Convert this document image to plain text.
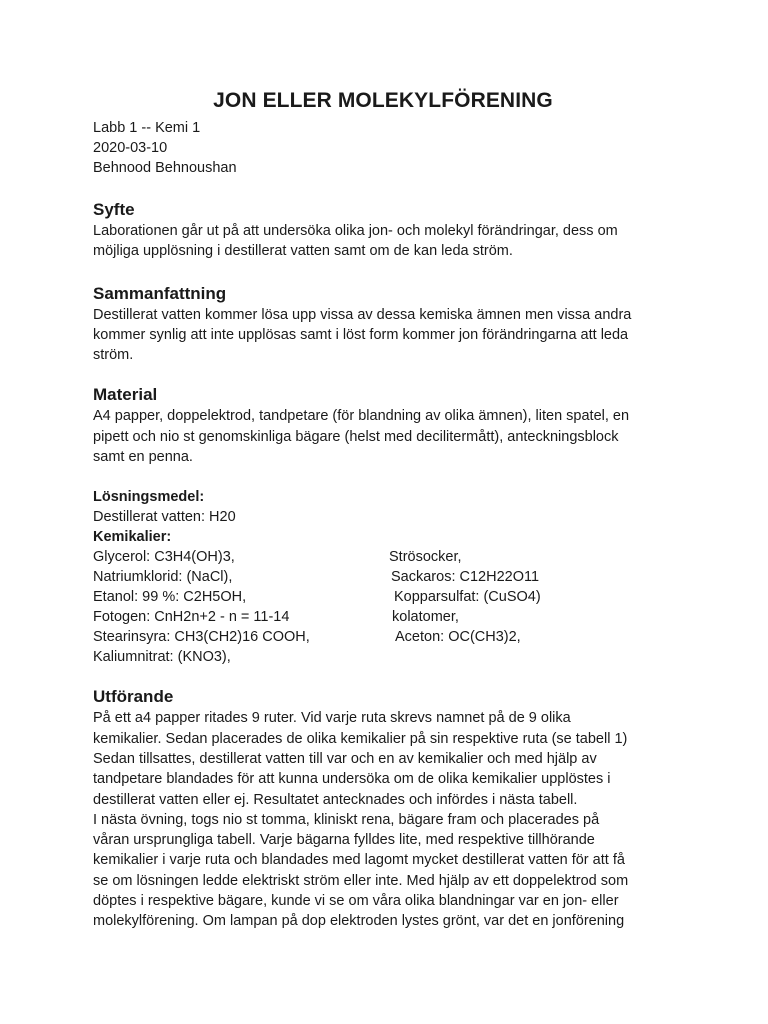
JON ELLER MOLEKYLFÖRENING
Labb 1 -- Kemi 1
2020-03-10
Behnood Behnoushan
Syfte

Laborationen går ut på att undersöka olika jon- och molekyl förändringar, dess om
möjliga upplösning i destillerat vatten samt om de kan leda ström.

Sammanfattning

Destillerat vatten kommer lösa upp vissa av dessa kemiska ämnen men vissa andra
kommer synlig att inte upplösas samt i löst form kommer jon förändringarna att leda
ström.

Material

A4 papper, doppelektrod, tandpetare (för blandning av olika ämnen), liten spatel, en
pipett och nio st genomskinliga bägare (helst med decilitermått), anteckningsblock
samt en penna.

Lösningsmedel:
Destillerat vatten: H20
Kemikalier:
Glycerol: C3H4(OH)3,	Strösocker,
Natriumklorid: (NaCl),	Sackaros: C12H22O11
Etanol: 99 %: C2H5OH,	Kopparsulfat: (CuSO4)
Fotogen: CnH2n+2 - n = 11-14	kolatomer,
Stearinsyra: CH3(CH2)16 COOH,	Aceton: OC(CH3)2,
Kaliumnitrat: (KNO3),
Utförande

På ett a4 papper ritades 9 ruter. Vid varje ruta skrevs namnet på de 9 olika
kemikalier. Sedan placerades de olika kemikalier på sin respektive ruta (se tabell 1)
Sedan tillsattes, destillerat vatten till var och en av kemikalier och med hjälp av
tandpetare blandades för att kunna undersöka om de olika kemikalier upplöstes i
destillerat vatten eller ej. Resultatet antecknades och infördes i nästa tabell.
I nästa övning, togs nio st tomma, kliniskt rena, bägare fram och placerades på
våran ursprungliga tabell. Varje bägarna fylldes lite, med respektive tillhörande
kemikalier i varje ruta och blandades med lagomt mycket destillerat vatten för att få
se om lösningen ledde elektriskt ström eller inte. Med hjälp av ett doppelektrod som
döptes i respektive bägare, kunde vi se om våra olika blandningar var en jon- eller
molekylförening. Om lampan på dop elektroden lystes grönt, var det en jonförening
